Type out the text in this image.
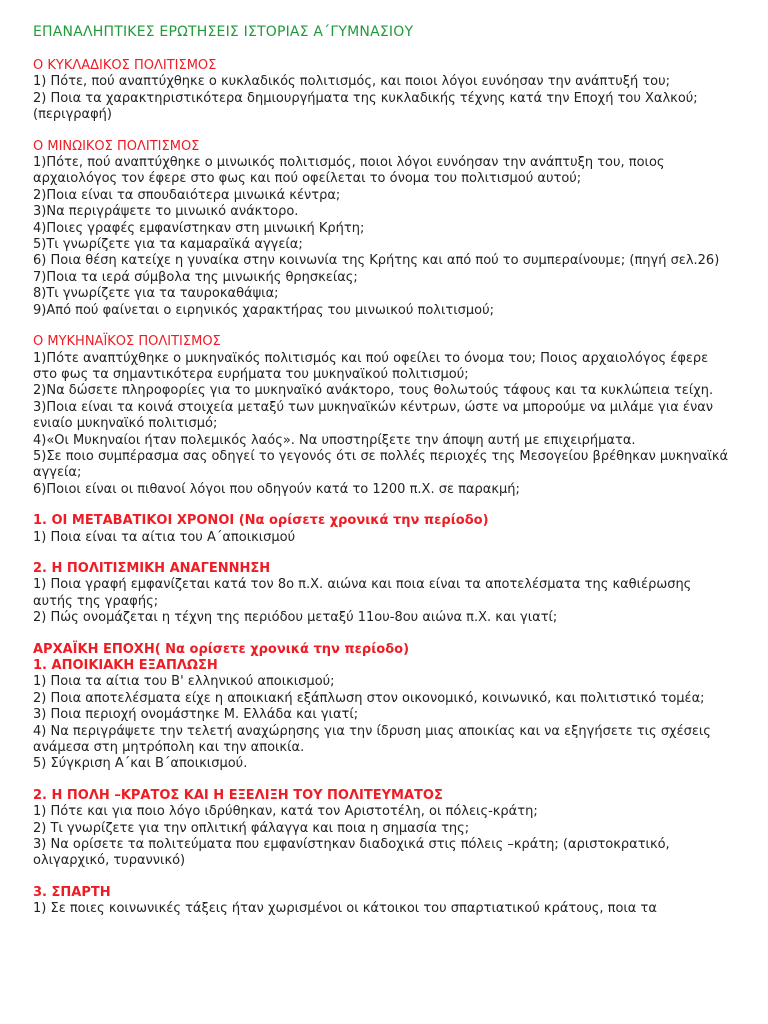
ΕΠΑΝΑΛΗΠΤΙΚΕΣ ΕΡΩΤΗΣΕΙΣ ΙΣΤΟΡΙΑΣ Α΄ΓΥΜΝΑΣΙΟΥ
Ο ΚΥΚΛΑΔΙΚΟΣ ΠΟΛΙΤΙΣΜΟΣ
1) Πότε, πού αναπτύχθηκε ο κυκλαδικός πολιτισμός, και ποιοι λόγοι ευνόησαν την ανάπτυξή του;
2) Ποια τα χαρακτηριστικότερα δημιουργήματα της κυκλαδικής τέχνης κατά την Εποχή του Χαλκού; (περιγραφή)
Ο ΜΙΝΩΙΚΟΣ ΠΟΛΙΤΙΣΜΟΣ
1)Πότε, πού αναπτύχθηκε ο μινωικός πολιτισμός, ποιοι λόγοι ευνόησαν την ανάπτυξη του, ποιος αρχαιολόγος τον έφερε στο φως και πού οφείλεται το όνομα του πολιτισμού αυτού;
2)Ποια είναι τα σπουδαιότερα μινωικά κέντρα;
3)Να περιγράψετε το μινωικό ανάκτορο.
4)Ποιες γραφές εμφανίστηκαν στη μινωική Κρήτη;
5)Τι γνωρίζετε για τα καμαραϊκά αγγεία;
6) Ποια θέση κατείχε η γυναίκα στην κοινωνία της Κρήτης και από πού το συμπεραίνουμε; (πηγή σελ.26)
7)Ποια τα ιερά σύμβολα της μινωικής θρησκείας;
8)Τι γνωρίζετε για τα ταυροκαθάψια;
9)Από πού φαίνεται ο ειρηνικός χαρακτήρας του μινωικού πολιτισμού;
Ο ΜΥΚΗΝΑΪΚΟΣ ΠΟΛΙΤΙΣΜΟΣ
1)Πότε αναπτύχθηκε ο μυκηναϊκός πολιτισμός και πού οφείλει το όνομα του; Ποιος αρχαιολόγος έφερε στο φως τα σημαντικότερα ευρήματα του μυκηναϊκού πολιτισμού;
2)Να δώσετε πληροφορίες για το μυκηναϊκό ανάκτορο, τους θολωτούς τάφους και τα κυκλώπεια τείχη.
3)Ποια είναι τα κοινά στοιχεία μεταξύ των μυκηναϊκών κέντρων, ώστε να μπορούμε να μιλάμε για έναν ενιαίο μυκηναϊκό πολιτισμό;
4)«Οι Μυκηναίοι ήταν πολεμικός λαός». Να υποστηρίξετε την άποψη αυτή με επιχειρήματα.
5)Σε ποιο συμπέρασμα σας οδηγεί το γεγονός ότι σε πολλές περιοχές της Μεσογείου βρέθηκαν μυκηναϊκά αγγεία;
6)Ποιοι είναι οι πιθανοί λόγοι που οδηγούν κατά το 1200 π.Χ. σε παρακμή;
1. ΟΙ ΜΕΤΑΒΑΤΙΚΟΙ ΧΡΟΝΟΙ (Να ορίσετε χρονικά την περίοδο)
1) Ποια είναι τα αίτια του Α΄αποικισμού
2. Η ΠΟΛΙΤΙΣΜΙΚΗ ΑΝΑΓΕΝΝΗΣΗ
1) Ποια γραφή εμφανίζεται κατά τον 8ο π.Χ. αιώνα και ποια είναι τα αποτελέσματα της καθιέρωσης αυτής της γραφής;
2) Πώς ονομάζεται η τέχνη της περιόδου μεταξύ 11ου-8ου αιώνα π.Χ. και γιατί;
ΑΡΧΑΪΚΗ ΕΠΟΧΗ( Να ορίσετε χρονικά την περίοδο)
1. ΑΠΟΙΚΙΑΚΗ ΕΞΑΠΛΩΣΗ
1) Ποια τα αίτια του Β' ελληνικού αποικισμού;
2) Ποια αποτελέσματα είχε η αποικιακή εξάπλωση στον οικονομικό, κοινωνικό, και πολιτιστικό τομέα;
3) Ποια περιοχή ονομάστηκε Μ. Ελλάδα και γιατί;
4) Να περιγράψετε την τελετή αναχώρησης για την ίδρυση μιας αποικίας και να εξηγήσετε τις σχέσεις ανάμεσα στη μητρόπολη και την αποικία.
5) Σύγκριση Α΄και Β΄αποικισμού.
2. Η ΠΟΛΗ –ΚΡΑΤΟΣ ΚΑΙ Η ΕΞΕΛΙΞΗ ΤΟΥ ΠΟΛΙΤΕΥΜΑΤΟΣ
1) Πότε και για ποιο λόγο ιδρύθηκαν, κατά τον Αριστοτέλη, οι πόλεις-κράτη;
2) Τι γνωρίζετε για την οπλιτική φάλαγγα και ποια η σημασία της;
3) Να ορίσετε τα πολιτεύματα που εμφανίστηκαν διαδοχικά στις πόλεις –κράτη; (αριστοκρατικό, ολιγαρχικό, τυραννικό)
3. ΣΠΑΡΤΗ
1) Σε ποιες κοινωνικές τάξεις ήταν χωρισμένοι οι κάτοικοι του σπαρτιατικού κράτους, ποια τα
